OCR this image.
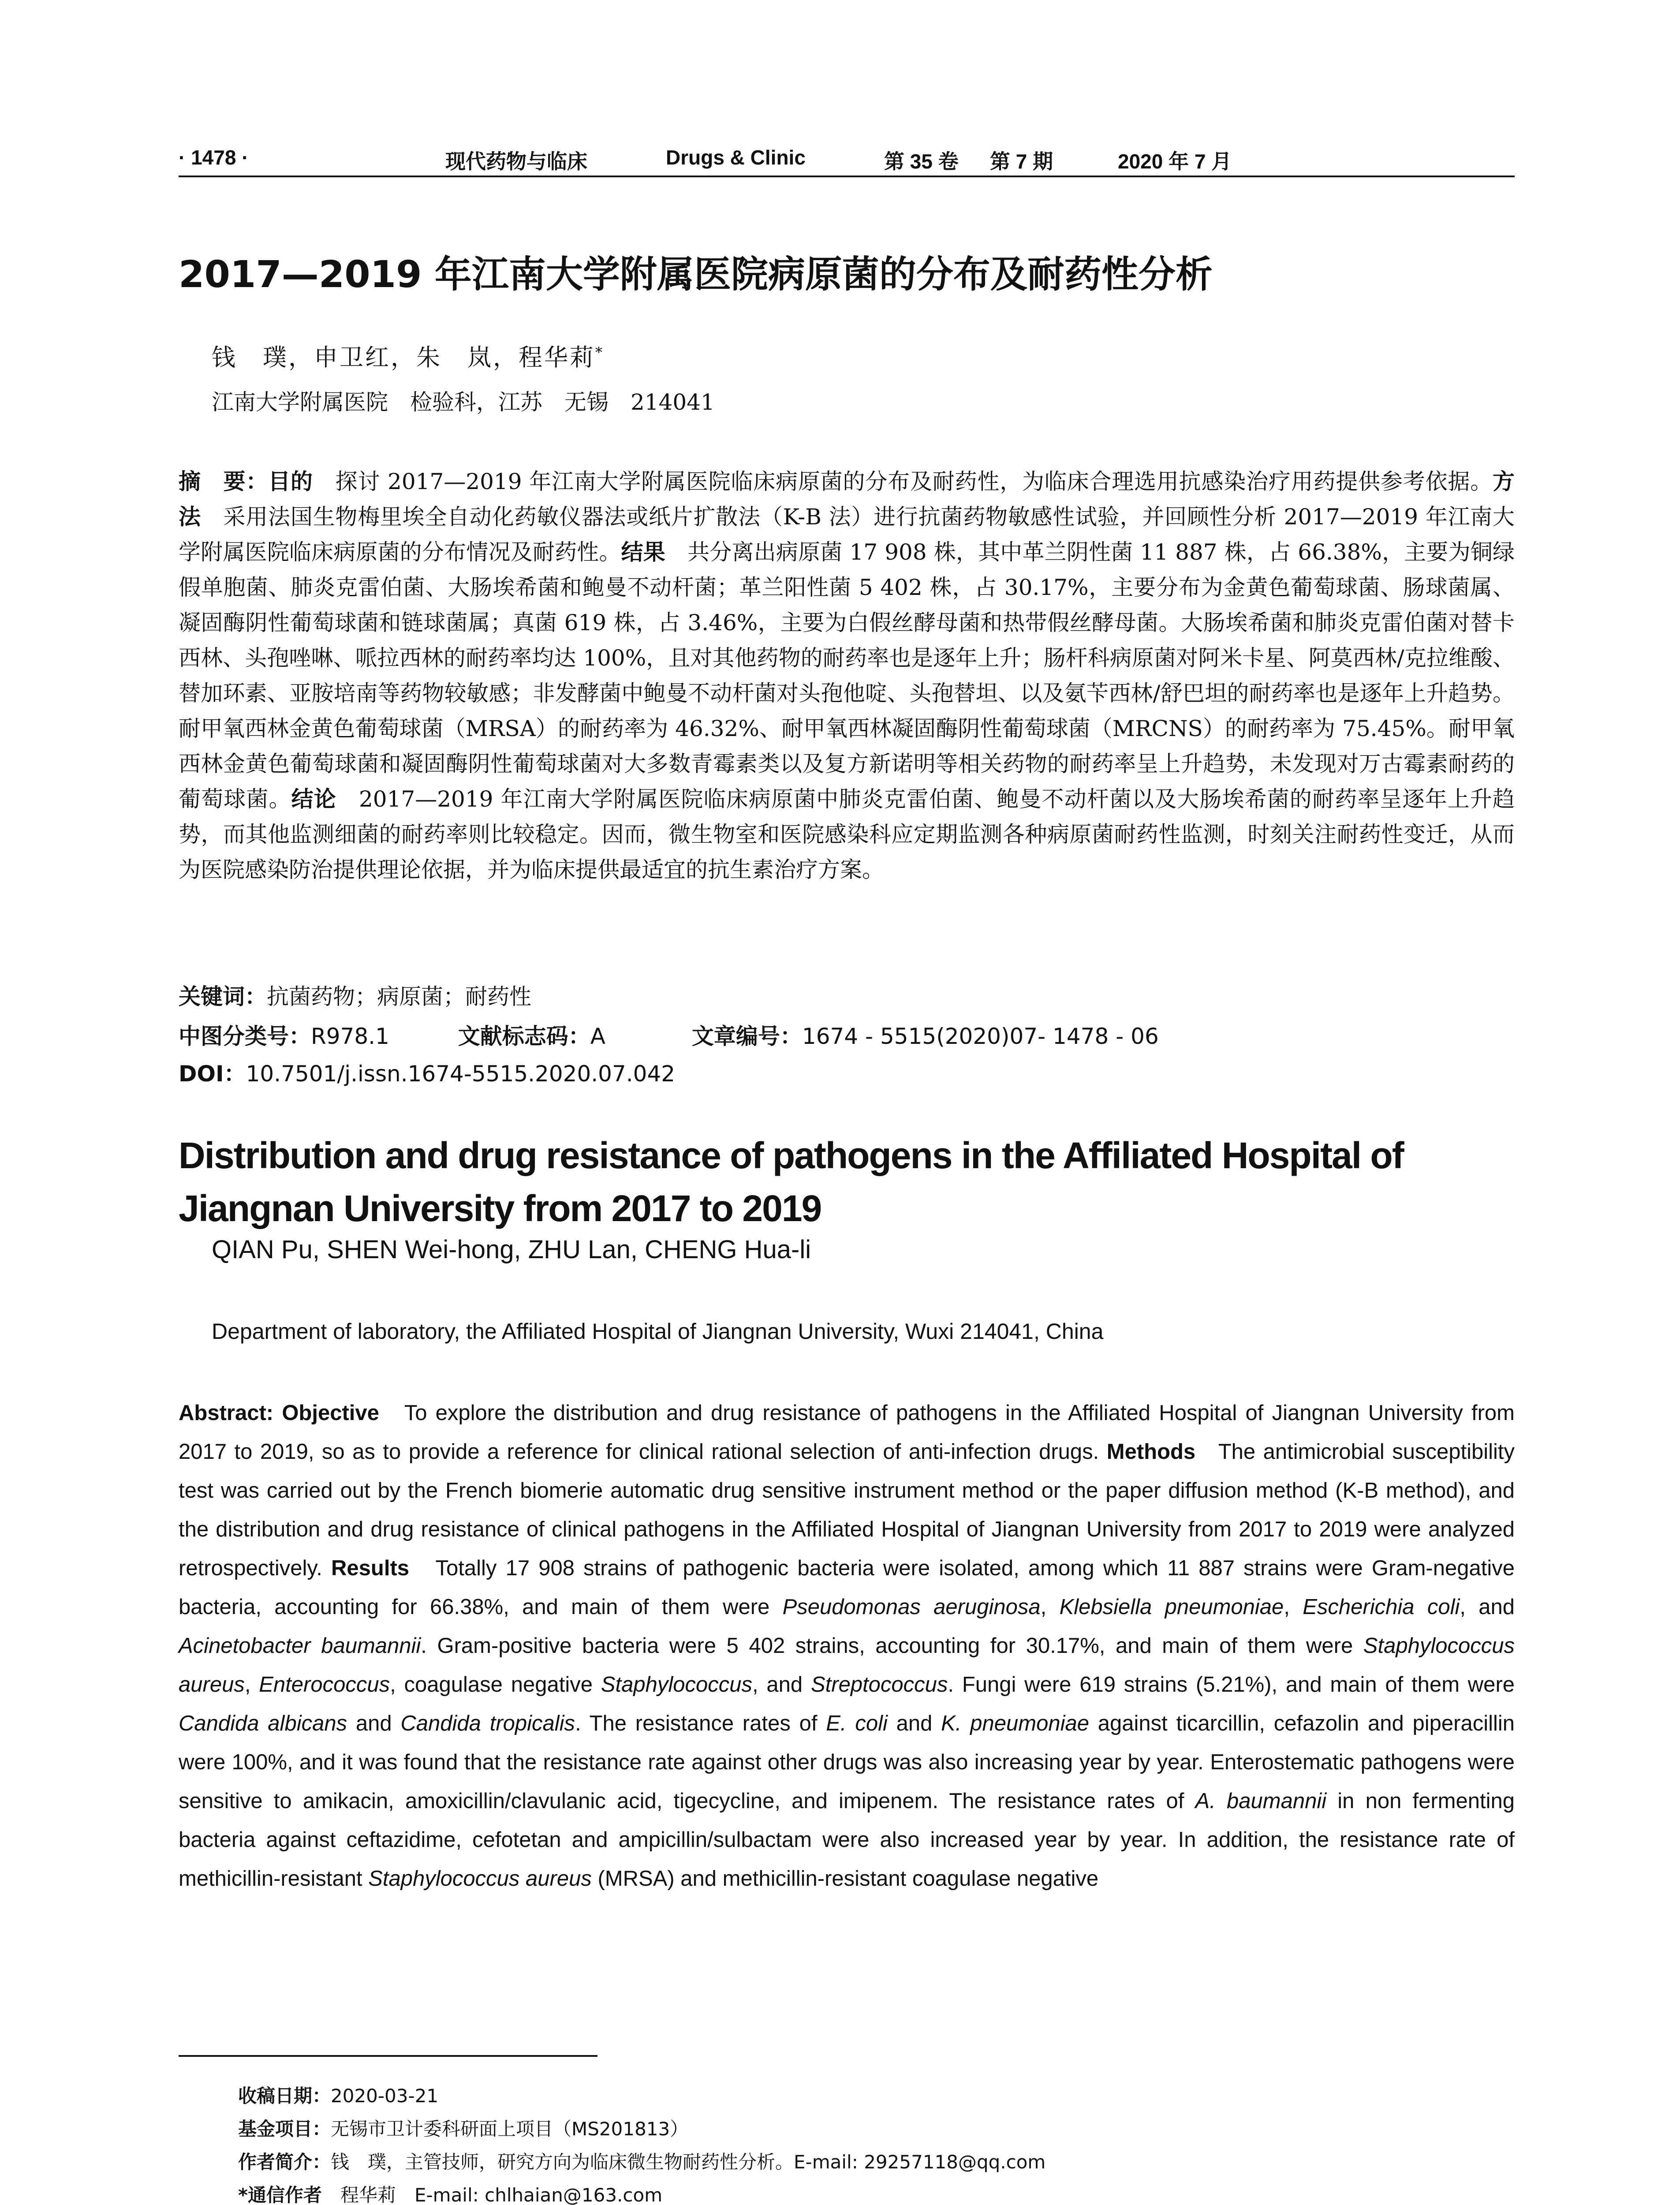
· 1478 ·	现代药物与临床	Drugs & Clinic	第 35 卷 第 7 期	2020 年 7 月
2017—2019 年江南大学附属医院病原菌的分布及耐药性分析
钱　璞，申卫红，朱　岚，程华莉*
江南大学附属医院　检验科，江苏　无锡　214041
摘　要：目的　探讨 2017—2019 年江南大学附属医院临床病原菌的分布及耐药性，为临床合理选用抗感染治疗用药提供参考依据。方法　采用法国生物梅里埃全自动化药敏仪器法或纸片扩散法（K-B 法）进行抗菌药物敏感性试验，并回顾性分析 2017—2019 年江南大学附属医院临床病原菌的分布情况及耐药性。结果　共分离出病原菌 17 908 株，其中革兰阴性菌 11 887 株，占 66.38%，主要为铜绿假单胞菌、肺炎克雷伯菌、大肠埃希菌和鲍曼不动杆菌；革兰阳性菌 5 402 株，占 30.17%，主要分布为金黄色葡萄球菌、肠球菌属、凝固酶阴性葡萄球菌和链球菌属；真菌 619 株，占 3.46%，主要为白假丝酵母菌和热带假丝酵母菌。大肠埃希菌和肺炎克雷伯菌对替卡西林、头孢唑啉、哌拉西林的耐药率均达 100%，且对其他药物的耐药率也是逐年上升；肠杆科病原菌对阿米卡星、阿莫西林/克拉维酸、替加环素、亚胺培南等药物较敏感；非发酵菌中鲍曼不动杆菌对头孢他啶、头孢替坦、以及氨苄西林/舒巴坦的耐药率也是逐年上升趋势。耐甲氧西林金黄色葡萄球菌（MRSA）的耐药率为 46.32%、耐甲氧西林凝固酶阴性葡萄球菌（MRCNS）的耐药率为 75.45%。耐甲氧西林金黄色葡萄球菌和凝固酶阴性葡萄球菌对大多数青霉素类以及复方新诺明等相关药物的耐药率呈上升趋势，未发现对万古霉素耐药的葡萄球菌。结论　2017—2019 年江南大学附属医院临床病原菌中肺炎克雷伯菌、鲍曼不动杆菌以及大肠埃希菌的耐药率呈逐年上升趋势，而其他监测细菌的耐药率则比较稳定。因而，微生物室和医院感染科应定期监测各种病原菌耐药性监测，时刻关注耐药性变迁，从而为医院感染防治提供理论依据，并为临床提供最适宜的抗生素治疗方案。
关键词：抗菌药物；病原菌；耐药性
中图分类号：R978.1	文献标志码：A	文章编号：1674 - 5515(2020)07- 1478 - 06
DOI：10.7501/j.issn.1674-5515.2020.07.042
Distribution and drug resistance of pathogens in the Affiliated Hospital of Jiangnan University from 2017 to 2019
QIAN Pu, SHEN Wei-hong, ZHU Lan, CHENG Hua-li
Department of laboratory, the Affiliated Hospital of Jiangnan University, Wuxi 214041, China
Abstract: Objective To explore the distribution and drug resistance of pathogens in the Affiliated Hospital of Jiangnan University from 2017 to 2019, so as to provide a reference for clinical rational selection of anti-infection drugs. Methods The antimicrobial susceptibility test was carried out by the French biomerie automatic drug sensitive instrument method or the paper diffusion method (K-B method), and the distribution and drug resistance of clinical pathogens in the Affiliated Hospital of Jiangnan University from 2017 to 2019 were analyzed retrospectively. Results Totally 17 908 strains of pathogenic bacteria were isolated, among which 11 887 strains were Gram-negative bacteria, accounting for 66.38%, and main of them were Pseudomonas aeruginosa, Klebsiella pneumoniae, Escherichia coli, and Acinetobacter baumannii. Gram-positive bacteria were 5 402 strains, accounting for 30.17%, and main of them were Staphylococcus aureus, Enterococcus, coagulase negative Staphylococcus, and Streptococcus. Fungi were 619 strains (5.21%), and main of them were Candida albicans and Candida tropicalis. The resistance rates of E. coli and K. pneumoniae against ticarcillin, cefazolin and piperacillin were 100%, and it was found that the resistance rate against other drugs was also increasing year by year. Enterostematic pathogens were sensitive to amikacin, amoxicillin/clavulanic acid, tigecycline, and imipenem. The resistance rates of A. baumannii in non fermenting bacteria against ceftazidime, cefotetan and ampicillin/sulbactam were also increased year by year. In addition, the resistance rate of methicillin-resistant Staphylococcus aureus (MRSA) and methicillin-resistant coagulase negative
收稿日期：2020-03-21
基金项目：无锡市卫计委科研面上项目（MS201813）
作者简介：钱　璞，主管技师，研究方向为临床微生物耐药性分析。E-mail: 29257118@qq.com
*通信作者　程华莉　E-mail: chlhaian@163.com
